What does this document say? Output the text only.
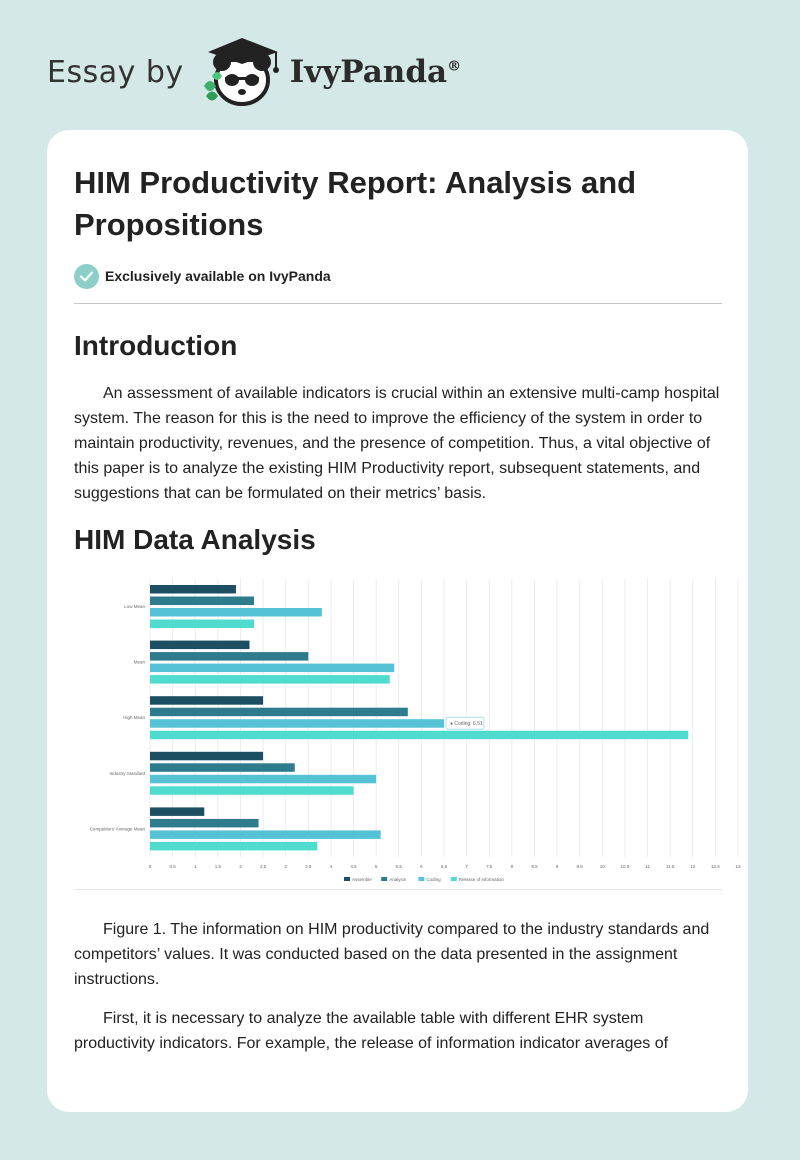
Essay by	IvyPanda®
HIM Productivity Report: Analysis and Propositions
Exclusively available on IvyPanda
Introduction

An assessment of available indicators is crucial within an extensive multi-camp hospital system. The reason for this is the need to improve the efficiency of the system in order to maintain productivity, revenues, and the presence of competition. Thus, a vital objective of this paper is to analyze the existing HIM Productivity report, subsequent statements, and suggestions that can be formulated on their metrics’ basis.

HIM Data Analysis
0	0.5	1	1.5	2	2.5	3	3.5	4	4.5	5	5.5	6	6.5	7	7.5	8	8.5	9	9.5	10	10.5	11	11.5	12	12.5	13
Low Mean
Mean
High Mean
Industry Standard
Competitors' Average Mean
● Coding: 6.51
Assemble	Analysis	Coding	Release of information

Figure 1. The information on HIM productivity compared to the industry standards and competitors’ values. It was conducted based on the data presented in the assignment instructions.

First, it is necessary to analyze the available table with different EHR system productivity indicators. For example, the release of information indicator averages of
